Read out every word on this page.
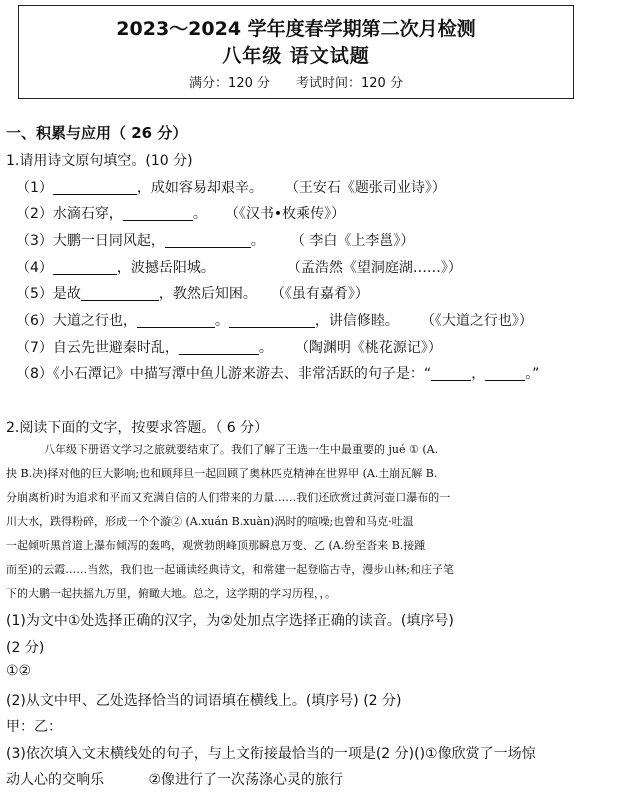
2023～2024 学年度春学期第二次月检测
八年级 语文试题
满分：120 分 考试时间：120 分
一、积累与应用（ 26 分）
1.请用诗文原句填空。(10 分)
（1）	，成如容易却艰辛。 （王安石《题张司业诗》）
（2）水滴石穿，	。 （《汉书•枚乘传》）
（3）大鹏一日同风起，	。 （ 李白《上李邕》）
（4）	，波撼岳阳城。	（孟浩然《望洞庭湖……》）
（5）是故	，教然后知困。 （《虽有嘉肴》）
（6）大道之行也，	。	，讲信修睦。 （《大道之行也》）
（7）自云先世避秦时乱，	。 （陶渊明《桃花源记》）
（8）《小石潭记》中描写潭中鱼儿游来游去、非常活跃的句子是：“	，	。”
2.阅读下面的文字，按要求答题。（ 6 分）
八年级下册语文学习之旅就要结束了。我们了解了王选一生中最重要的 jué ① (A.
抉 B.决)择对他的巨大影响;也和顾拜旦一起回顾了奥林匹克精神在世界甲 (A.土崩瓦解 B.
分崩离析)时为追求和平而又充满自信的人们带来的力量……我们还欣赏过黄河壶口瀑布的一
川大水，跌得粉碎，形成一个个漩② (A.xuán B.xuàn)涡时的喧噪;也曾和马克·吐温
一起倾听黑首道上瀑布倾泻的轰鸣，观赏勃朗峰顶那瞬息万变、乙 (A.纷至沓来 B.接踵
而至)的云霞……当然，我们也一起诵读经典诗文，和常建一起登临古寺，漫步山林;和庄子笔
下的大鹏一起扶摇九万里，俯瞰大地。总之，这学期的学习历程，，。
(1)为文中①处选择正确的汉字，为②处加点字选择正确的读音。(填序号)
(2 分)
①②
(2)从文中甲、乙处选择恰当的词语填在横线上。(填序号) (2 分)
甲：乙：
(3)依次填入文末横线处的句子，与上文衔接最恰当的一项是(2 分)()①像欣赏了一场惊
动人心的交响乐          ②像进行了一次荡涤心灵的旅行
